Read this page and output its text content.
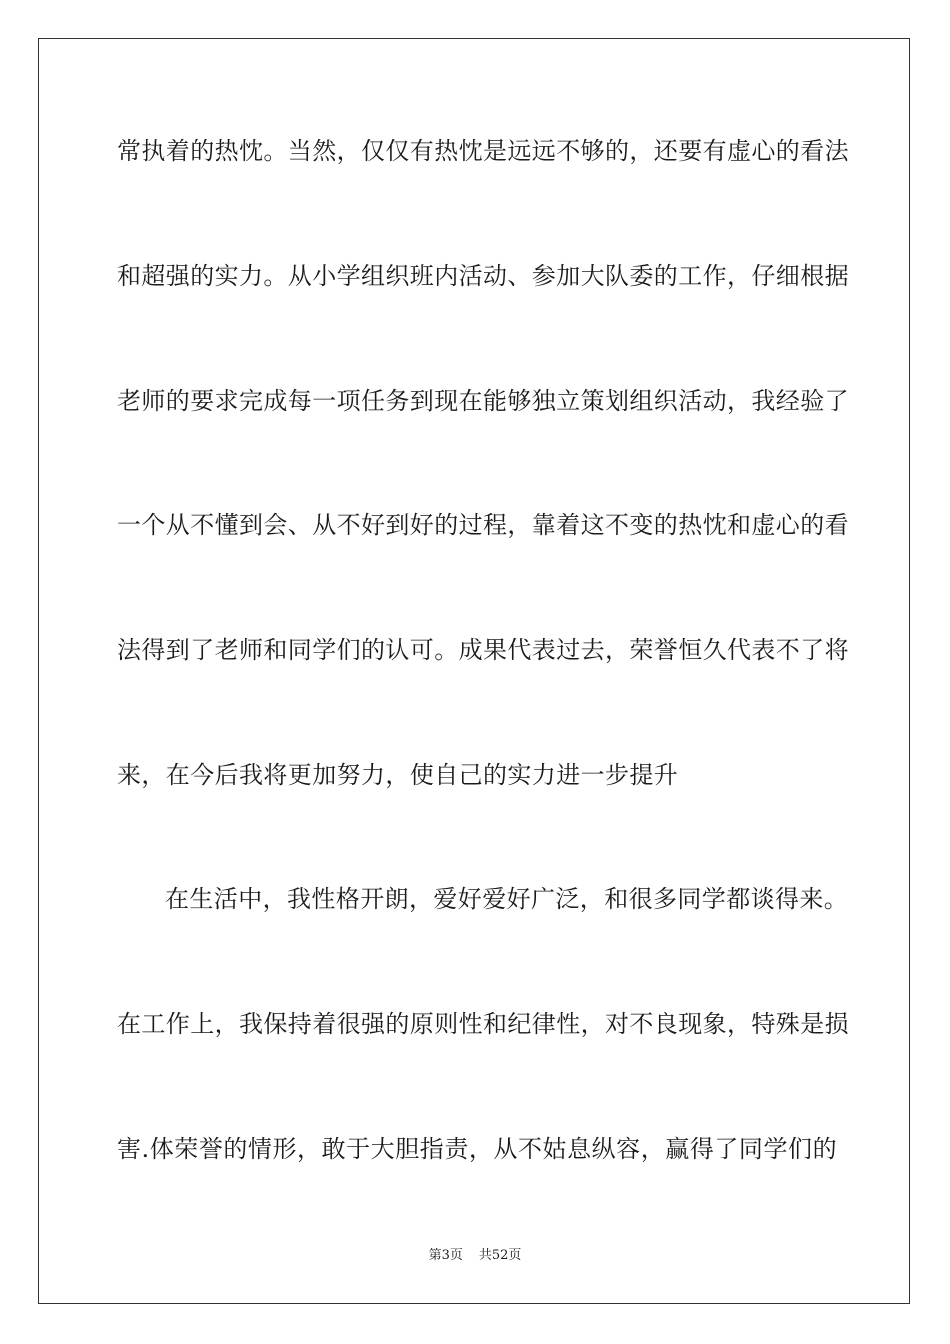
常执着的热忱。当然，仅仅有热忱是远远不够的，还要有虚心的看法
和超强的实力。从小学组织班内活动、参加大队委的工作，仔细根据
老师的要求完成每一项任务到现在能够独立策划组织活动，我经验了
一个从不懂到会、从不好到好的过程，靠着这不变的热忱和虚心的看
法得到了老师和同学们的认可。成果代表过去，荣誉恒久代表不了将
来，在今后我将更加努力，使自己的实力进一步提升
在生活中，我性格开朗，爱好爱好广泛，和很多同学都谈得来。
在工作上，我保持着很强的原则性和纪律性，对不良现象，特殊是损
害.体荣誉的情形，敢于大胆指责，从不姑息纵容，赢得了同学们的
第3页 共52页
